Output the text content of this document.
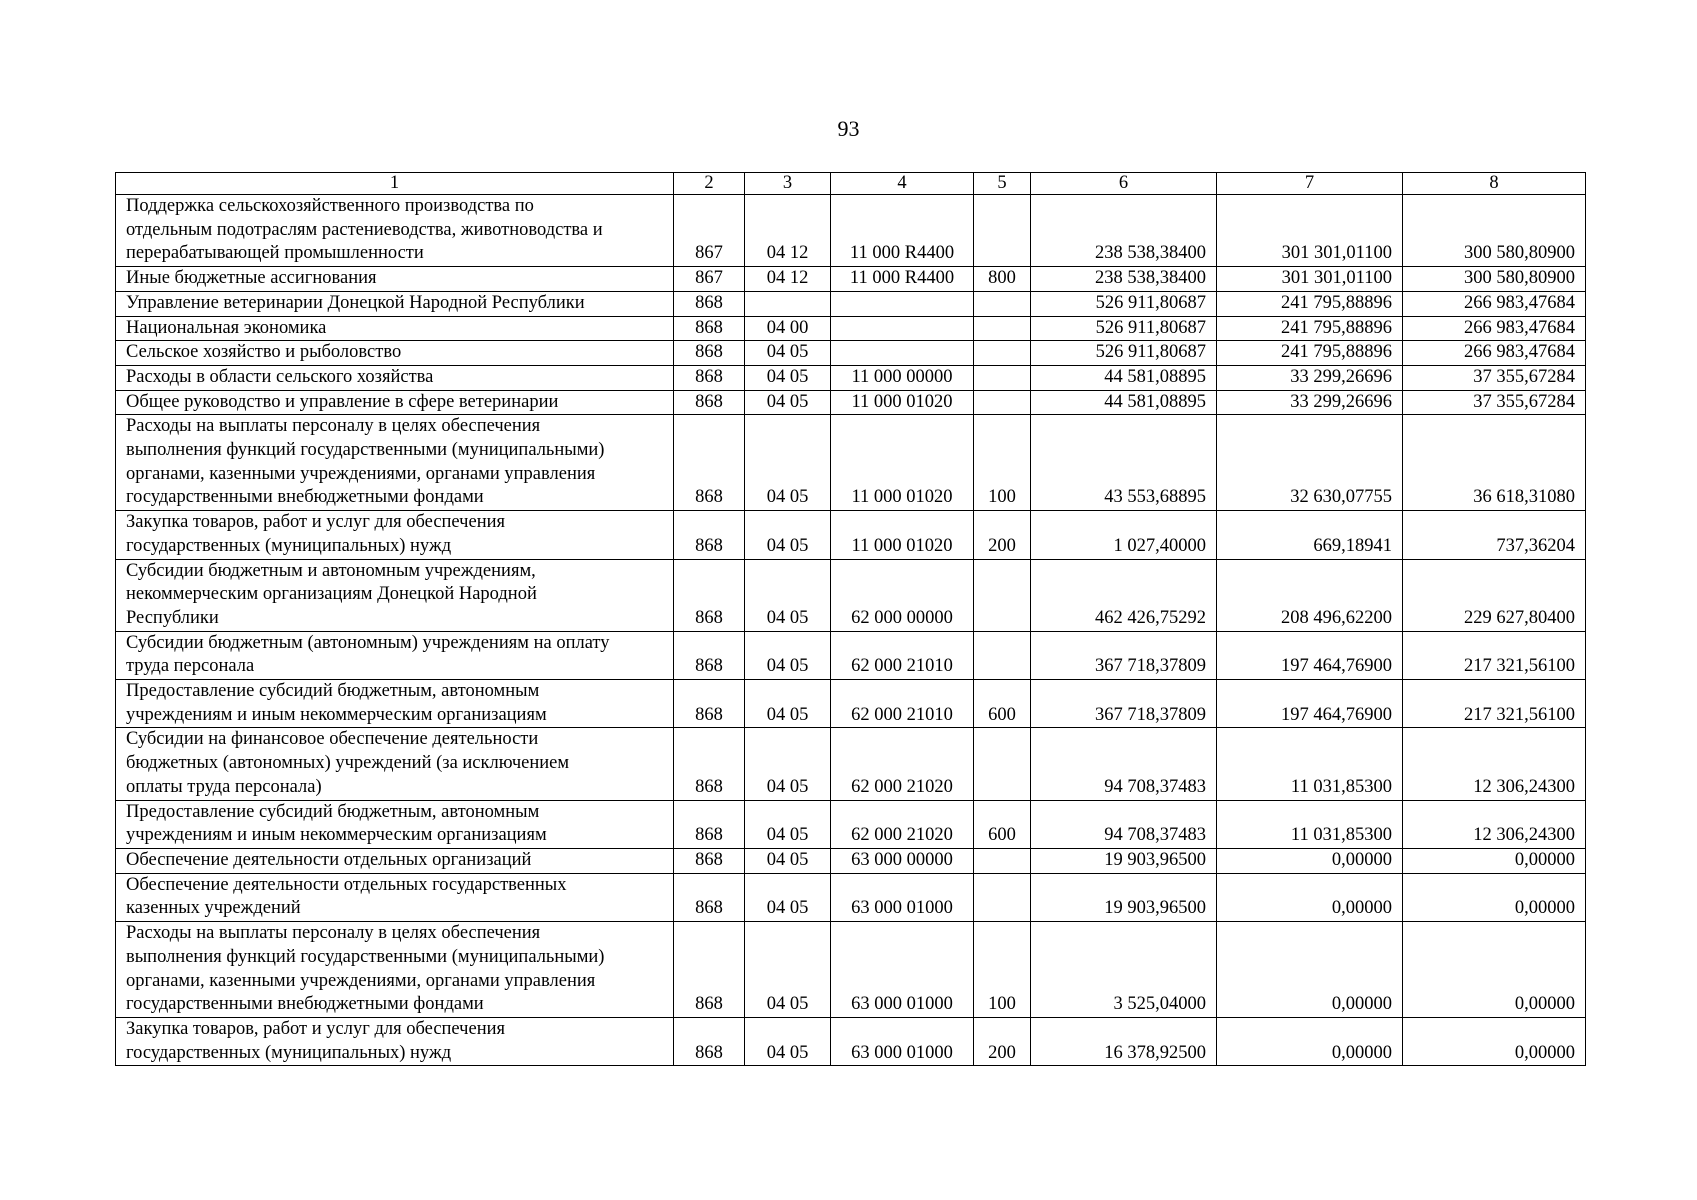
93
1	2	3	4	5	6	7	8

Поддержка сельскохозяйственного производства по
отдельным подотраслям растениеводства, животноводства и
перерабатывающей промышленности	867	04 12	11 000 R4400		238 538,38400	301 301,01100	300 580,80900

Иные бюджетные ассигнования	867	04 12	11 000 R4400	800	238 538,38400	301 301,01100	300 580,80900

Управление ветеринарии Донецкой Народной Республики	868				526 911,80687	241 795,88896	266 983,47684

Национальная экономика	868	04 00			526 911,80687	241 795,88896	266 983,47684

Сельское хозяйство и рыболовство	868	04 05			526 911,80687	241 795,88896	266 983,47684

Расходы в области сельского хозяйства	868	04 05	11 000 00000		44 581,08895	33 299,26696	37 355,67284

Общее руководство и управление в сфере ветеринарии	868	04 05	11 000 01020		44 581,08895	33 299,26696	37 355,67284

Расходы на выплаты персоналу в целях обеспечения
выполнения функций государственными (муниципальными)
органами, казенными учреждениями, органами управления
государственными внебюджетными фондами	868	04 05	11 000 01020	100	43 553,68895	32 630,07755	36 618,31080

Закупка товаров, работ и услуг для обеспечения
государственных (муниципальных) нужд	868	04 05	11 000 01020	200	1 027,40000	669,18941	737,36204

Субсидии бюджетным и автономным учреждениям,
некоммерческим организациям Донецкой Народной
Республики	868	04 05	62 000 00000		462 426,75292	208 496,62200	229 627,80400

Субсидии бюджетным (автономным) учреждениям на оплату
труда персонала	868	04 05	62 000 21010		367 718,37809	197 464,76900	217 321,56100

Предоставление субсидий бюджетным, автономным
учреждениям и иным некоммерческим организациям	868	04 05	62 000 21010	600	367 718,37809	197 464,76900	217 321,56100

Субсидии на финансовое обеспечение деятельности
бюджетных (автономных) учреждений (за исключением
оплаты труда персонала)	868	04 05	62 000 21020		94 708,37483	11 031,85300	12 306,24300

Предоставление субсидий бюджетным, автономным
учреждениям и иным некоммерческим организациям	868	04 05	62 000 21020	600	94 708,37483	11 031,85300	12 306,24300

Обеспечение деятельности отдельных организаций	868	04 05	63 000 00000		19 903,96500	0,00000	0,00000

Обеспечение деятельности отдельных государственных
казенных учреждений	868	04 05	63 000 01000		19 903,96500	0,00000	0,00000

Расходы на выплаты персоналу в целях обеспечения
выполнения функций государственными (муниципальными)
органами, казенными учреждениями, органами управления
государственными внебюджетными фондами	868	04 05	63 000 01000	100	3 525,04000	0,00000	0,00000

Закупка товаров, работ и услуг для обеспечения
государственных (муниципальных) нужд	868	04 05	63 000 01000	200	16 378,92500	0,00000	0,00000
